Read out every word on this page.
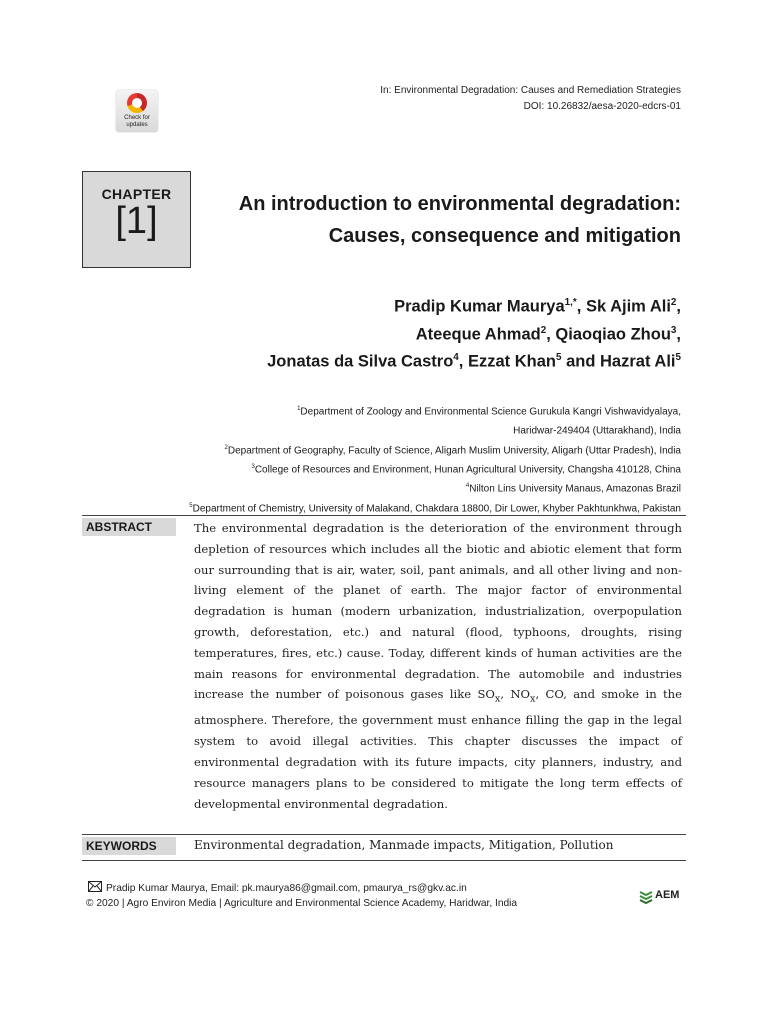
Check for
updates
In: Environmental Degradation: Causes and Remediation Strategies
DOI: 10.26832/aesa-2020-edcrs-01
CHAPTER
[1]	An introduction to environmental degradation:
Causes, consequence and mitigation
Pradip Kumar Maurya$^{1,*}$, Sk Ajim Ali$^2$,
Ateeque Ahmad$^2$, Qiaoqiao Zhou$^3$,
Jonatas da Silva Castro$^4$, Ezzat Khan$^5$ and Hazrat Ali$^5$
$^1$Department of Zoology and Environmental Science Gurukula Kangri Vishwavidyalaya,
Haridwar-249404 (Uttarakhand), India
$^2$Department of Geography, Faculty of Science, Aligarh Muslim University, Aligarh (Uttar Pradesh), India
$^3$College of Resources and Environment, Hunan Agricultural University, Changsha 410128, China
$^4$Nilton Lins University Manaus, Amazonas Brazil
$^5$Department of Chemistry, University of Malakand, Chakdara 18800, Dir Lower, Khyber Pakhtunkhwa, Pakistan
ABSTRACT	The environmental degradation is the deterioration of the environment through depletion of resources which includes all the biotic and abiotic element that form our surrounding that is air, water, soil, pant animals, and all other living and non-living element of the planet of earth. The major factor of environmental degradation is human (modern urbanization, industrialization, overpopulation growth, deforestation, etc.) and natural (flood, typhoons, droughts, rising temperatures, fires, etc.) cause. Today, different kinds of human activities are the main reasons for environmental degradation. The automobile and industries increase the number of poisonous gases like $SO_x$, $NO_x$, CO, and smoke in the atmosphere. Therefore, the government must enhance filling the gap in the legal system to avoid illegal activities. This chapter discusses the impact of environmental degradation with its future impacts, city planners, industry, and resource managers plans to be considered to mitigate the long term effects of developmental environmental degradation.
KEYWORDS	Environmental degradation, Manmade impacts, Mitigation, Pollution
Pradip Kumar Maurya, Email: pk.maurya86@gmail.com, pmaurya_rs@gkv.ac.in
© 2020 | Agro Environ Media | Agriculture and Environmental Science Academy, Haridwar, India
AEM
